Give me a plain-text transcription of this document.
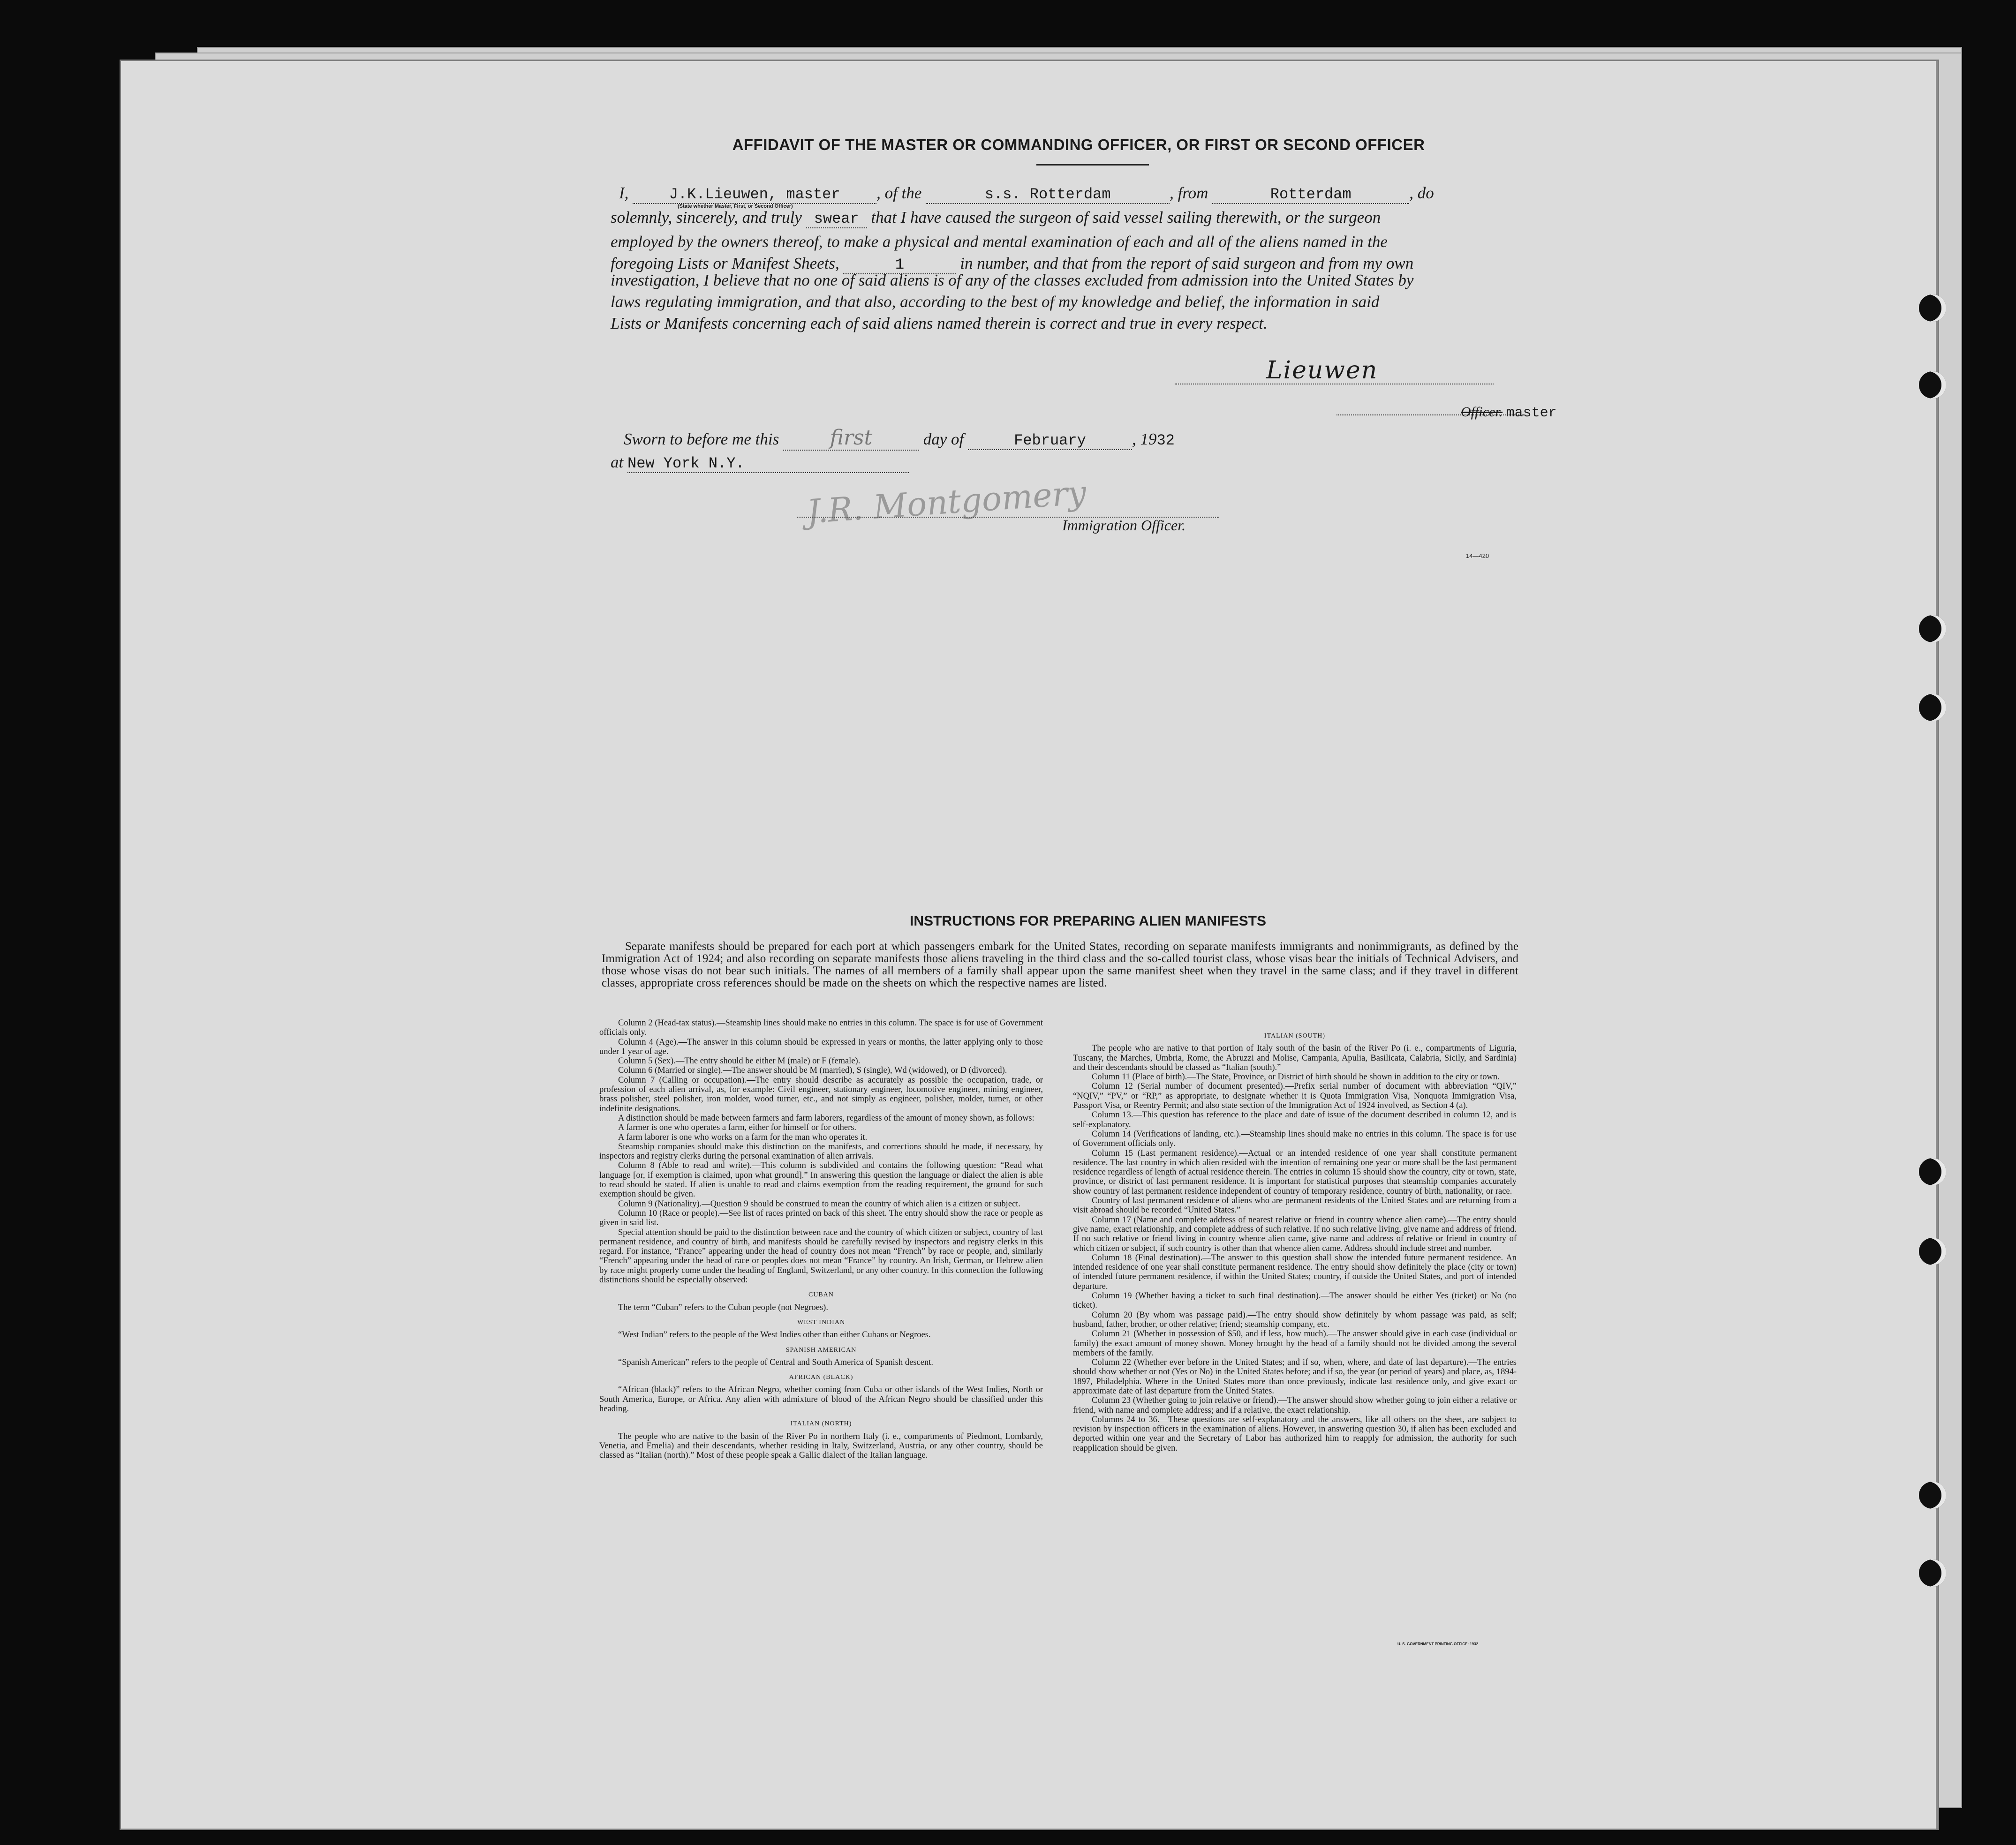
AFFIDAVIT OF THE MASTER OR COMMANDING OFFICER, OR FIRST OR SECOND OFFICER
I,	J.K.Lieuwen, master , of the	s.s. Rotterdam	, from	Rotterdam	, do
(State whether Master, First, or Second Officer)
solemnly, sincerely, and truly swear that I have caused the surgeon of said vessel sailing therewith, or the surgeon
employed by the owners thereof, to make a physical and mental examination of each and all of the aliens named in the
foregoing Lists or Manifest Sheets,	1	in number, and that from the report of said surgeon and from my own
investigation, I believe that no one of said aliens is of any of the classes excluded from admission into the United States by
laws regulating immigration, and that also, according to the best of my knowledge and belief, the information in said
Lists or Manifests concerning each of said aliens named therein is correct and true in every respect.
Lieuwen
Officer. master
Sworn to before me this first	day of	February	, 1932
at New York N.Y.
J.R. Montgomery
Immigration Officer.
14—420
INSTRUCTIONS FOR PREPARING ALIEN MANIFESTS
Separate manifests should be prepared for each port at which passengers embark for the United States, recording on separate manifests immigrants and nonimmigrants, as defined by the Immigration Act of 1924; and also recording on separate manifests those aliens traveling in the third class and the so-called tourist class, whose visas bear the initials of Technical Advisers, and those whose visas do not bear such initials. The names of all members of a family shall appear upon the same manifest sheet when they travel in the same class; and if they travel in different classes, appropriate cross references should be made on the sheets on which the respective names are listed.

Column 2 (Head-tax status).—Steamship lines should make no entries in this column. The space is for use of Government officials only.

Column 4 (Age).—The answer in this column should be expressed in years or months, the latter applying only to those under 1 year of age.

Column 5 (Sex).—The entry should be either M (male) or F (female).

Column 6 (Married or single).—The answer should be M (married), S (single), Wd (widowed), or D (divorced).

Column 7 (Calling or occupation).—The entry should describe as accurately as possible the occupation, trade, or profession of each alien arrival, as, for example: Civil engineer, stationary engineer, locomotive engineer, mining engineer, brass polisher, steel polisher, iron molder, wood turner, etc., and not simply as engineer, polisher, molder, turner, or other indefinite designations.

A distinction should be made between farmers and farm laborers, regardless of the amount of money shown, as follows:

A farmer is one who operates a farm, either for himself or for others.

A farm laborer is one who works on a farm for the man who operates it.

Steamship companies should make this distinction on the manifests, and corrections should be made, if necessary, by inspectors and registry clerks during the personal examination of alien arrivals.

Column 8 (Able to read and write).—This column is subdivided and contains the following question: “Read what language [or, if exemption is claimed, upon what ground].” In answering this question the language or dialect the alien is able to read should be stated. If alien is unable to read and claims exemption from the reading requirement, the ground for such exemption should be given.

Column 9 (Nationality).—Question 9 should be construed to mean the country of which alien is a citizen or subject.

Column 10 (Race or people).—See list of races printed on back of this sheet. The entry should show the race or people as given in said list.

Special attention should be paid to the distinction between race and the country of which citizen or subject, country of last permanent residence, and country of birth, and manifests should be carefully revised by inspectors and registry clerks in this regard. For instance, “France” appearing under the head of country does not mean “French” by race or people, and, similarly “French” appearing under the head of race or peoples does not mean “France” by country. An Irish, German, or Hebrew alien by race might properly come under the heading of England, Switzerland, or any other country. In this connection the following distinctions should be especially observed:

CUBAN

The term “Cuban” refers to the Cuban people (not Negroes).

WEST INDIAN

“West Indian” refers to the people of the West Indies other than either Cubans or Negroes.

SPANISH AMERICAN

“Spanish American” refers to the people of Central and South America of Spanish descent.

AFRICAN (BLACK)

“African (black)” refers to the African Negro, whether coming from Cuba or other islands of the West Indies, North or South America, Europe, or Africa. Any alien with admixture of blood of the African Negro should be classified under this heading.

ITALIAN (NORTH)

The people who are native to the basin of the River Po in northern Italy (i. e., compartments of Piedmont, Lombardy, Venetia, and Emelia) and their descendants, whether residing in Italy, Switzerland, Austria, or any other country, should be classed as “Italian (north).” Most of these people speak a Gallic dialect of the Italian language.

ITALIAN (SOUTH)

The people who are native to that portion of Italy south of the basin of the River Po (i. e., compartments of Liguria, Tuscany, the Marches, Umbria, Rome, the Abruzzi and Molise, Campania, Apulia, Basilicata, Calabria, Sicily, and Sardinia) and their descendants should be classed as “Italian (south).”

Column 11 (Place of birth).—The State, Province, or District of birth should be shown in addition to the city or town.

Column 12 (Serial number of document presented).—Prefix serial number of document with abbreviation “QIV,” “NQIV,” “PV,” or “RP,” as appropriate, to designate whether it is Quota Immigration Visa, Nonquota Immigration Visa, Passport Visa, or Reentry Permit; and also state section of the Immigration Act of 1924 involved, as Section 4 (a).

Column 13.—This question has reference to the place and date of issue of the document described in column 12, and is self-explanatory.

Column 14 (Verifications of landing, etc.).—Steamship lines should make no entries in this column. The space is for use of Government officials only.

Column 15 (Last permanent residence).—Actual or an intended residence of one year shall constitute permanent residence. The last country in which alien resided with the intention of remaining one year or more shall be the last permanent residence regardless of length of actual residence therein. The entries in column 15 should show the country, city or town, state, province, or district of last permanent residence. It is important for statistical purposes that steamship companies accurately show country of last permanent residence independent of country of temporary residence, country of birth, nationality, or race.

Country of last permanent residence of aliens who are permanent residents of the United States and are returning from a visit abroad should be recorded “United States.”

Column 17 (Name and complete address of nearest relative or friend in country whence alien came).—The entry should give name, exact relationship, and complete address of such relative. If no such relative living, give name and address of friend. If no such relative or friend living in country whence alien came, give name and address of relative or friend in country of which citizen or subject, if such country is other than that whence alien came. Address should include street and number.

Column 18 (Final destination).—The answer to this question shall show the intended future permanent residence. An intended residence of one year shall constitute permanent residence. The entry should show definitely the place (city or town) of intended future permanent residence, if within the United States; country, if outside the United States, and port of intended departure.

Column 19 (Whether having a ticket to such final destination).—The answer should be either Yes (ticket) or No (no ticket).

Column 20 (By whom was passage paid).—The entry should show definitely by whom passage was paid, as self; husband, father, brother, or other relative; friend; steamship company, etc.

Column 21 (Whether in possession of $50, and if less, how much).—The answer should give in each case (individual or family) the exact amount of money shown. Money brought by the head of a family should not be divided among the several members of the family.

Column 22 (Whether ever before in the United States; and if so, when, where, and date of last departure).—The entries should show whether or not (Yes or No) in the United States before; and if so, the year (or period of years) and place, as, 1894-1897, Philadelphia. Where in the United States more than once previously, indicate last residence only, and give exact or approximate date of last departure from the United States.

Column 23 (Whether going to join relative or friend).—The answer should show whether going to join either a relative or friend, with name and complete address; and if a relative, the exact relationship.

Columns 24 to 36.—These questions are self-explanatory and the answers, like all others on the sheet, are subject to revision by inspection officers in the examination of aliens. However, in answering question 30, if alien has been excluded and deported within one year and the Secretary of Labor has authorized him to reapply for admission, the authority for such reapplication should be given.

U. S. GOVERNMENT PRINTING OFFICE: 1932
